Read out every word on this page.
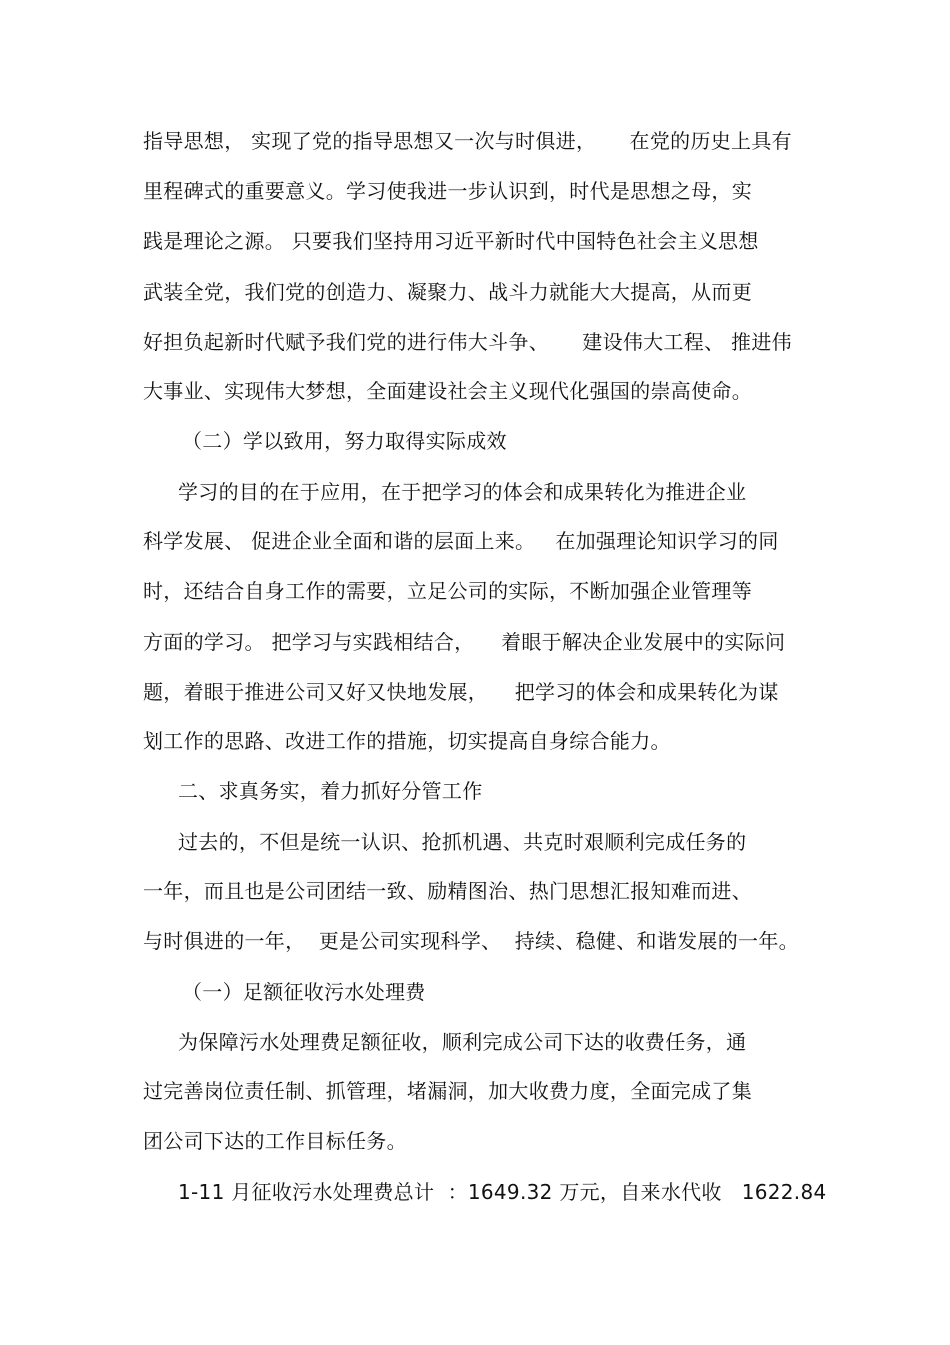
指导思想， 实现了党的指导思想又一次与时俱进，     在党的历史上具有
里程碑式的重要意义。学习使我进一步认识到，时代是思想之母，实
践是理论之源。 只要我们坚持用习近平新时代中国特色社会主义思想
武装全党，我们党的创造力、凝聚力、战斗力就能大大提高，从而更
好担负起新时代赋予我们党的进行伟大斗争、     建设伟大工程、 推进伟
大事业、实现伟大梦想，全面建设社会主义现代化强国的崇高使命。
（二）学以致用，努力取得实际成效
学习的目的在于应用，在于把学习的体会和成果转化为推进企业
科学发展、 促进企业全面和谐的层面上来。   在加强理论知识学习的同
时，还结合自身工作的需要，立足公司的实际，不断加强企业管理等
方面的学习。 把学习与实践相结合，    着眼于解决企业发展中的实际问
题，着眼于推进公司又好又快地发展，    把学习的体会和成果转化为谋
划工作的思路、改进工作的措施，切实提高自身综合能力。
二、求真务实，着力抓好分管工作
过去的，不但是统一认识、抢抓机遇、共克时艰顺利完成任务的
一年，而且也是公司团结一致、励精图治、热门思想汇报知难而进、
与时俱进的一年，  更是公司实现科学、  持续、稳健、和谐发展的一年。
（一）足额征收污水处理费
为保障污水处理费足额征收，顺利完成公司下达的收费任务，通
过完善岗位责任制、抓管理，堵漏洞，加大收费力度，全面完成了集
团公司下达的工作目标任务。
1-11 月征收污水处理费总计  ：1649.32 万元，自来水代收   1622.84
